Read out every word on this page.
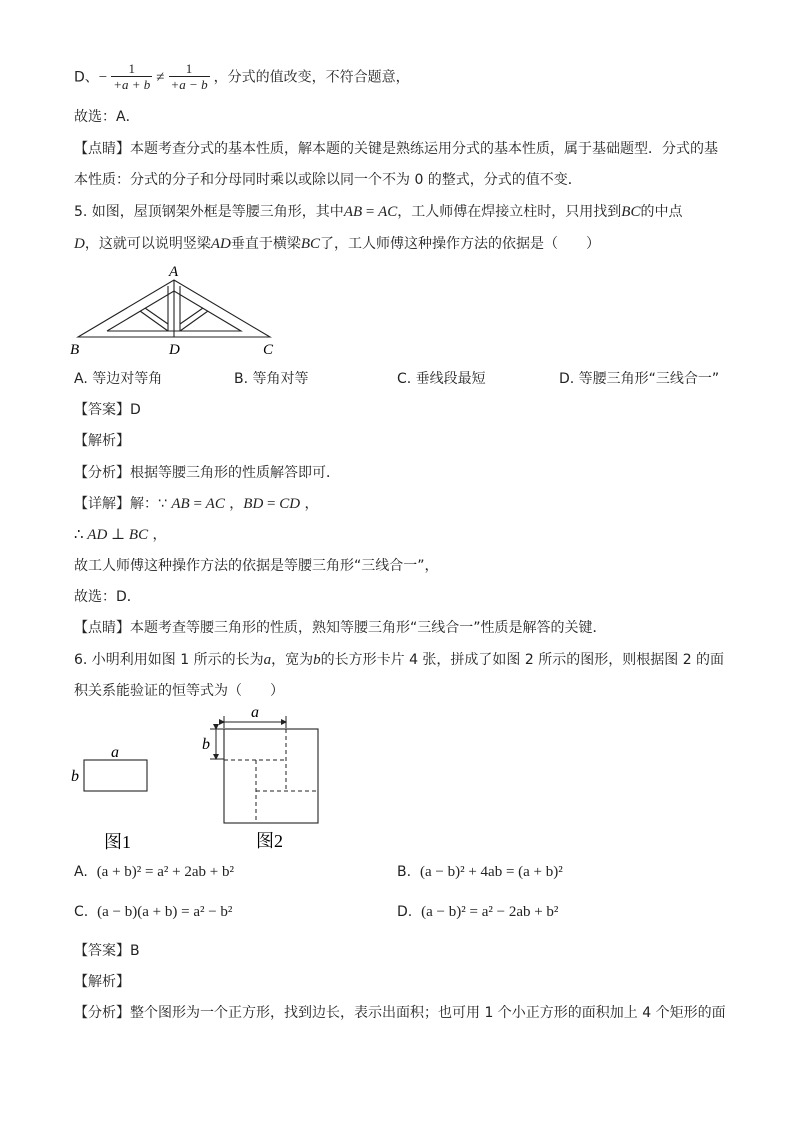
D、− $\frac{1}{+a + b} \ne \frac{1}{+a - b}$ ，分式的值改变，不符合题意，
故选：A．
【点睛】本题考查分式的基本性质，解本题的关键是熟练运用分式的基本性质，属于基础题型．分式的基
本性质：分式的分子和分母同时乘以或除以同一个不为 0 的整式，分式的值不变．
5. 如图，屋顶钢架外框是等腰三角形，其中AB = AC，工人师傅在焊接立柱时，只用找到BC的中点
D，这就可以说明竖梁AD垂直于横梁BC了，工人师傅这种操作方法的依据是（　　）
A
B	D	C
A. 等边对等角	B. 等角对等	C. 垂线段最短	D. 等腰三角形“三线合一”
【答案】D
【解析】
【分析】根据等腰三角形的性质解答即可．
【详解】解：∵ AB = AC ，BD = CD ，
∴ AD ⊥ BC ，
故工人师傅这种操作方法的依据是等腰三角形“三线合一”，
故选：D．
【点睛】本题考查等腰三角形的性质，熟知等腰三角形“三线合一”性质是解答的关键．
6. 小明利用如图 1 所示的长为a，宽为b的长方形卡片 4 张，拼成了如图 2 所示的图形，则根据图 2 的面
积关系能验证的恒等式为（　　）
a
b
图1
a
b
图2
A. (a + b)² = a² + 2ab + b²	B. (a − b)² + 4ab = (a + b)²
C. (a − b)(a + b) = a² − b²	D. (a − b)² = a² − 2ab + b²
【答案】B
【解析】
【分析】整个图形为一个正方形，找到边长，表示出面积；也可用 1 个小正方形的面积加上 4 个矩形的面
